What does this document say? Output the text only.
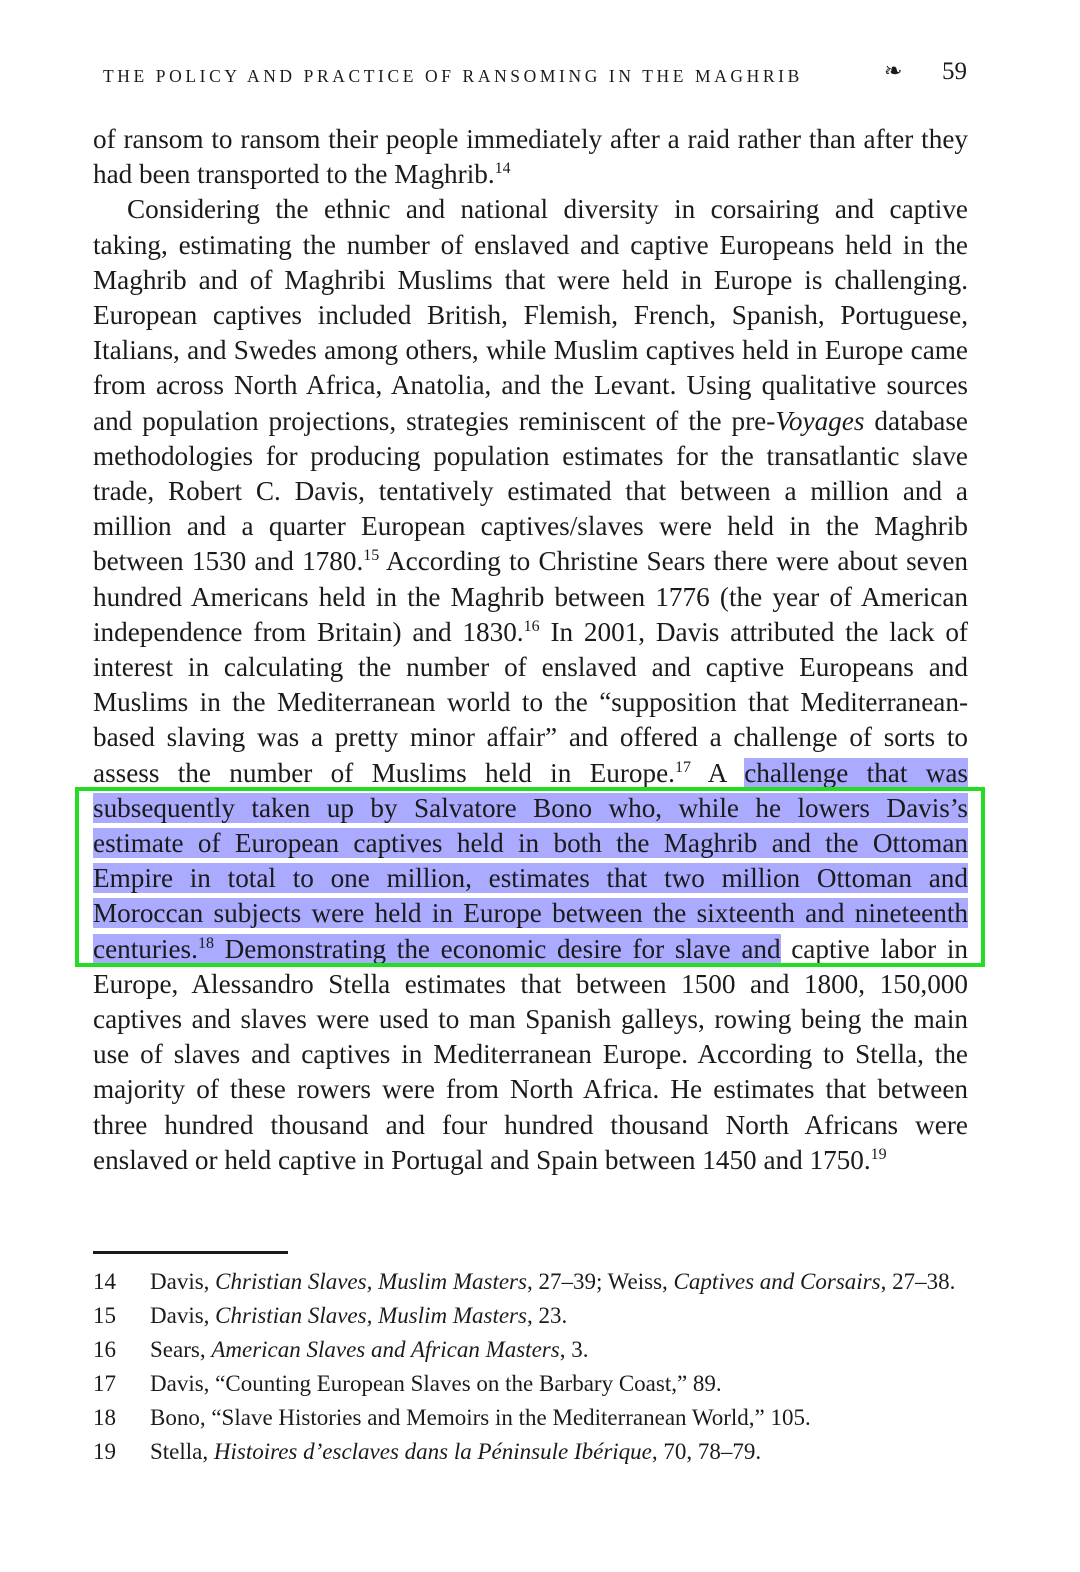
THE POLICY AND PRACTICE OF RANSOMING IN THE MAGHRIB	❧ 59

of ransom to ransom their people immediately after a raid rather than after they had been transported to the Maghrib.$^{14}$

Considering the ethnic and national diversity in corsairing and captive taking, estimating the number of enslaved and captive Europeans held in the Maghrib and of Maghribi Muslims that were held in Europe is challenging. European captives included British, Flemish, French, Spanish, Portuguese, Italians, and Swedes among others, while Muslim captives held in Europe came from across North Africa, Anatolia, and the Levant. Using qualitative sources and population projections, strategies reminiscent of the pre-Voyages database methodologies for producing population estimates for the transatlantic slave trade, Robert C. Davis, tentatively estimated that between a million and a million and a quarter European captives/slaves were held in the Maghrib between 1530 and 1780.15 According to Christine Sears there were about seven hundred Americans held in the Maghrib between 1776 (the year of American independence from Britain) and 1830.16 In 2001, Davis attributed the lack of interest in calculating the number of enslaved and captive Europeans and Muslims in the Mediterranean world to the “supposition that Mediterranean-based slaving was a pretty minor affair” and offered a challenge of sorts to assess the number of Muslims held in Europe.$^{17}$ A challenge that was subsequently taken up by Salvatore Bono who, while he lowers Davis’s estimate of European captives held in both the Maghrib and the Ottoman Empire in total to one million, estimates that two million Ottoman and Moroccan subjects were held in Europe between the sixteenth and nineteenth centuries.$^{18}$ Demonstrating the economic desire for slave and captive labor in Europe, Alessandro Stella estimates that between 1500 and 1800, 150,000 captives and slaves were used to man Spanish galleys, rowing being the main use of slaves and captives in Mediterranean Europe. According to Stella, the majority of these rowers were from North Africa. He estimates that between three hundred thousand and four hundred thousand North Africans were enslaved or held captive in Portugal and Spain between 1450 and 1750.19

14	Davis, Christian Slaves, Muslim Masters, 27–39; Weiss, Captives and Corsairs, 27–38.
15	Davis, Christian Slaves, Muslim Masters, 23.
16	Sears, American Slaves and African Masters, 3.
17	Davis, “Counting European Slaves on the Barbary Coast,” 89.
18	Bono, “Slave Histories and Memoirs in the Mediterranean World,” 105.
19	Stella, Histoires d’esclaves dans la Péninsule Ibérique, 70, 78–79.
